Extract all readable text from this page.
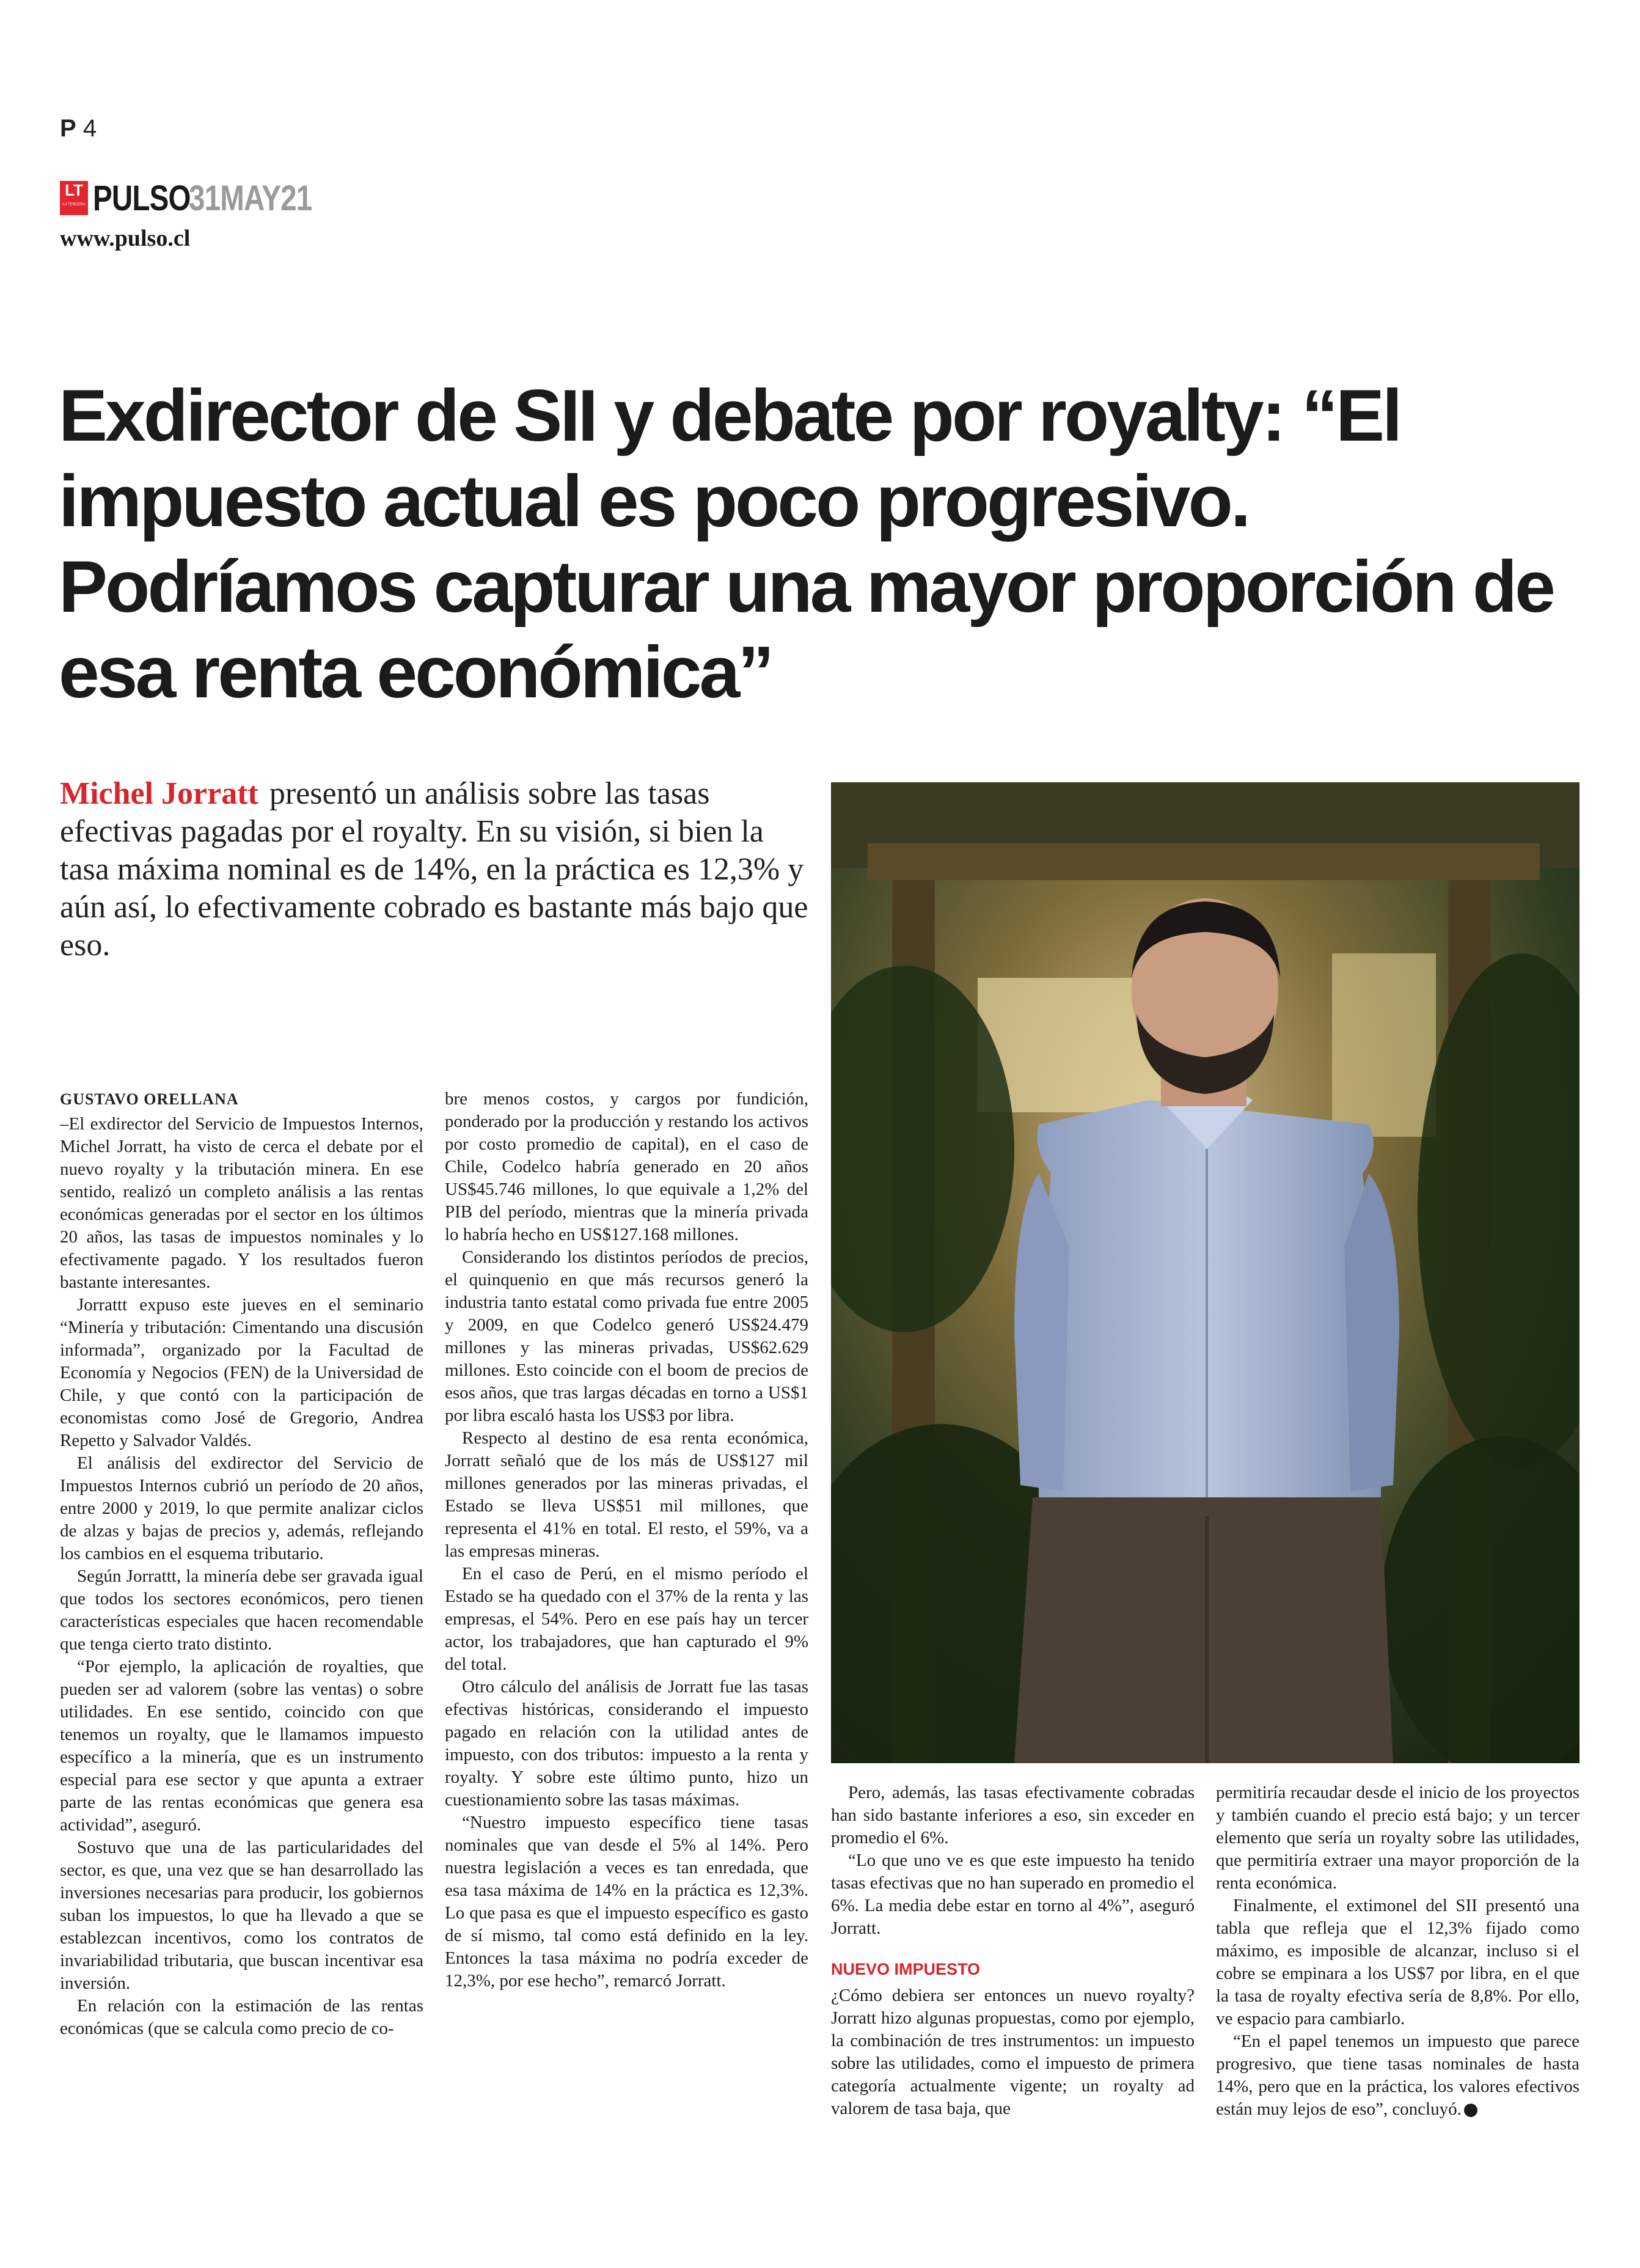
P 4
LT
LA TERCERA PULSO
31MAY21
www.pulso.cl
Exdirector de SII y debate por royalty: “El impuesto actual es poco progresivo. Podríamos capturar una mayor proporción de esa renta económica”
Michel Jorratt presentó un análisis sobre las tasas efectivas pagadas por el royalty. En su visión, si bien la tasa máxima nominal es de 14%, en la práctica es 12,3% y aún así, lo efectivamente cobrado es bastante más bajo que eso.
GUSTAVO ORELLANA

–El exdirector del Servicio de Impuestos Internos, Michel Jorratt, ha visto de cerca el debate por el nuevo royalty y la tributación minera. En ese sentido, realizó un completo análisis a las rentas económicas generadas por el sector en los últimos 20 años, las tasas de impuestos nominales y lo efectivamente pagado. Y los resultados fueron bastante interesantes.

Jorrattt expuso este jueves en el seminario “Minería y tributación: Cimentando una discusión informada”, organizado por la Facultad de Economía y Negocios (FEN) de la Universidad de Chile, y que contó con la participación de economistas como José de Gregorio, Andrea Repetto y Salvador Valdés.

El análisis del exdirector del Servicio de Impuestos Internos cubrió un período de 20 años, entre 2000 y 2019, lo que permite analizar ciclos de alzas y bajas de precios y, además, reflejando los cambios en el esquema tributario.

Según Jorrattt, la minería debe ser gravada igual que todos los sectores económicos, pero tienen características especiales que hacen recomendable que tenga cierto trato distinto.

“Por ejemplo, la aplicación de royalties, que pueden ser ad valorem (sobre las ventas) o sobre utilidades. En ese sentido, coincido con que tenemos un royalty, que le llamamos impuesto específico a la minería, que es un instrumento especial para ese sector y que apunta a extraer parte de las rentas económicas que genera esa actividad”, aseguró.

Sostuvo que una de las particularidades del sector, es que, una vez que se han desarrollado las inversiones necesarias para producir, los gobiernos suban los impuestos, lo que ha llevado a que se establezcan incentivos, como los contratos de invariabilidad tributaria, que buscan incentivar esa inversión.

En relación con la estimación de las rentas económicas (que se calcula como precio de co-

bre menos costos, y cargos por fundición, ponderado por la producción y restando los activos por costo promedio de capital), en el caso de Chile, Codelco habría generado en 20 años US$45.746 millones, lo que equivale a 1,2% del PIB del período, mientras que la minería privada lo habría hecho en US$127.168 millones.

Considerando los distintos períodos de precios, el quinquenio en que más recursos generó la industria tanto estatal como privada fue entre 2005 y 2009, en que Codelco generó US$24.479 millones y las mineras privadas, US$62.629 millones. Esto coincide con el boom de precios de esos años, que tras largas décadas en torno a US$1 por libra escaló hasta los US$3 por libra.

Respecto al destino de esa renta económica, Jorratt señaló que de los más de US$127 mil millones generados por las mineras privadas, el Estado se lleva US$51 mil millones, que representa el 41% en total. El resto, el 59%, va a las empresas mineras.

En el caso de Perú, en el mismo período el Estado se ha quedado con el 37% de la renta y las empresas, el 54%. Pero en ese país hay un tercer actor, los trabajadores, que han capturado el 9% del total.

Otro cálculo del análisis de Jorratt fue las tasas efectivas históricas, considerando el impuesto pagado en relación con la utilidad antes de impuesto, con dos tributos: impuesto a la renta y royalty. Y sobre este último punto, hizo un cuestionamiento sobre las tasas máximas.

“Nuestro impuesto específico tiene tasas nominales que van desde el 5% al 14%. Pero nuestra legislación a veces es tan enredada, que esa tasa máxima de 14% en la práctica es 12,3%. Lo que pasa es que el impuesto específico es gasto de sí mismo, tal como está definido en la ley. Entonces la tasa máxima no podría exceder de 12,3%, por ese hecho”, remarcó Jorratt.

Pero, además, las tasas efectivamente cobradas han sido bastante inferiores a eso, sin exceder en promedio el 6%.

“Lo que uno ve es que este impuesto ha tenido tasas efectivas que no han superado en promedio el 6%. La media debe estar en torno al 4%”, aseguró Jorratt.

NUEVO IMPUESTO

¿Cómo debiera ser entonces un nuevo royalty? Jorratt hizo algunas propuestas, como por ejemplo, la combinación de tres instrumentos: un impuesto sobre las utilidades, como el impuesto de primera categoría actualmente vigente; un royalty ad valorem de tasa baja, que

permitiría recaudar desde el inicio de los proyectos y también cuando el precio está bajo; y un tercer elemento que sería un royalty sobre las utilidades, que permitiría extraer una mayor proporción de la renta económica.

Finalmente, el extimonel del SII presentó una tabla que refleja que el 12,3% fijado como máximo, es imposible de alcanzar, incluso si el cobre se empinara a los US$7 por libra, en el que la tasa de royalty efectiva sería de 8,8%. Por ello, ve espacio para cambiarlo.

“En el papel tenemos un impuesto que parece progresivo, que tiene tasas nominales de hasta 14%, pero que en la práctica, los valores efectivos están muy lejos de eso”, concluyó. P
